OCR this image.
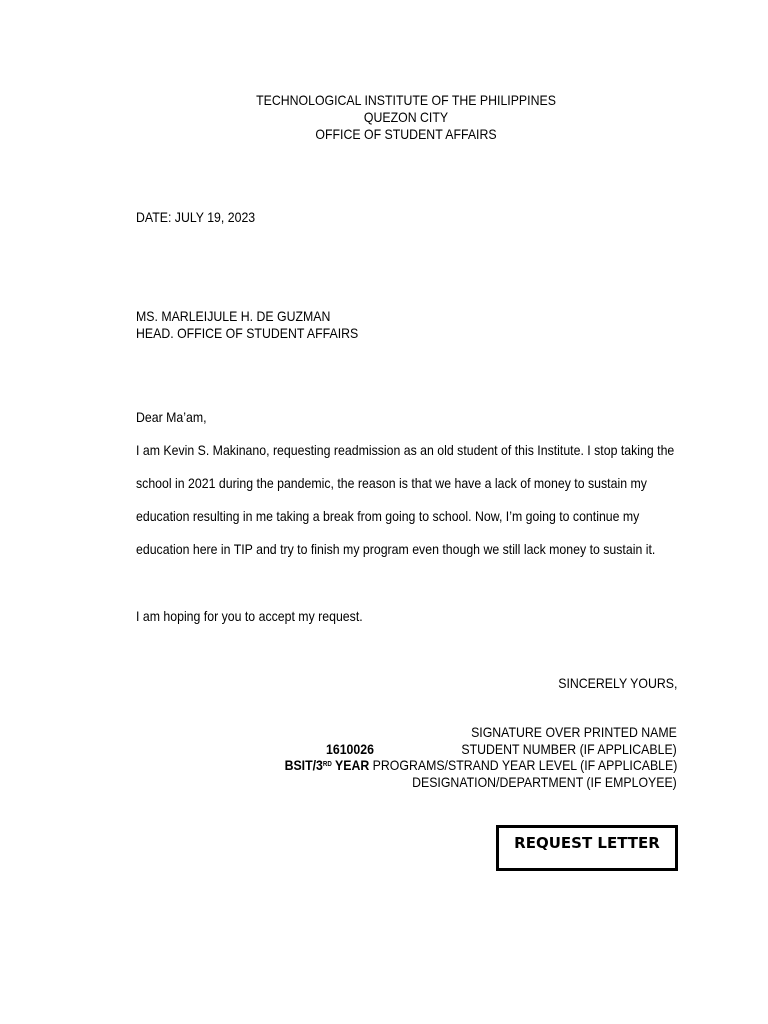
TECHNOLOGICAL INSTITUTE OF THE PHILIPPINES
QUEZON CITY
OFFICE OF STUDENT AFFAIRS
DATE: JULY 19, 2023
MS. MARLEIJULE H. DE GUZMAN
HEAD. OFFICE OF STUDENT AFFAIRS
Dear Ma’am,
I am Kevin S. Makinano, requesting readmission as an old student of this Institute. I stop taking the
school in 2021 during the pandemic, the reason is that we have a lack of money to sustain my
education resulting in me taking a break from going to school. Now, I’m going to continue my
education here in TIP and try to finish my program even though we still lack money to sustain it.
I am hoping for you to accept my request.
SINCERELY YOURS,
SIGNATURE OVER PRINTED NAME
1610026	STUDENT NUMBER (IF APPLICABLE)
BSIT/3RD YEAR PROGRAMS/STRAND YEAR LEVEL (IF APPLICABLE)
DESIGNATION/DEPARTMENT (IF EMPLOYEE)
REQUEST LETTER
